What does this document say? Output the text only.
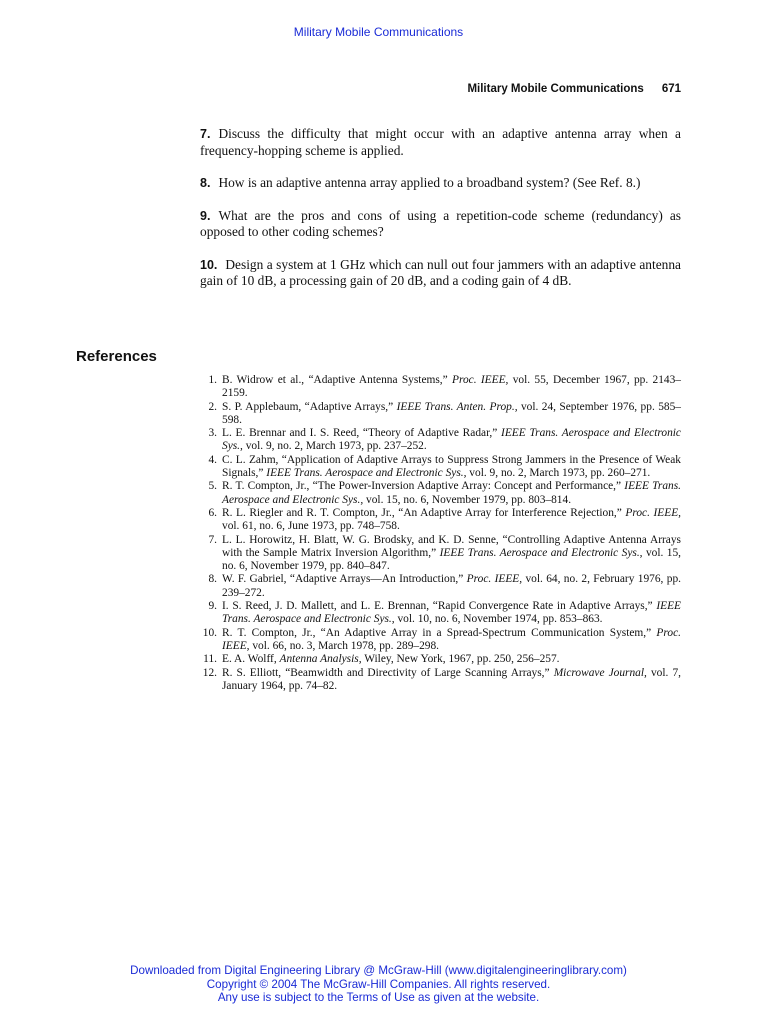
Military Mobile Communications
Military Mobile Communications 671

7. Discuss the difficulty that might occur with an adaptive antenna array when a frequency-hopping scheme is applied.

8. How is an adaptive antenna array applied to a broadband system? (See Ref. 8.)

9. What are the pros and cons of using a repetition-code scheme (redundancy) as opposed to other coding schemes?

10. Design a system at 1 GHz which can null out four jammers with an adaptive antenna gain of 10 dB, a processing gain of 20 dB, and a coding gain of 4 dB.

References
1. B. Widrow et al., “Adaptive Antenna Systems,” Proc. IEEE, vol. 55, December 1967, pp. 2143–2159.
2. S. P. Applebaum, “Adaptive Arrays,” IEEE Trans. Anten. Prop., vol. 24, September 1976, pp. 585–598.
3. L. E. Brennar and I. S. Reed, “Theory of Adaptive Radar,” IEEE Trans. Aerospace and Electronic Sys., vol. 9, no. 2, March 1973, pp. 237–252.
4. C. L. Zahm, “Application of Adaptive Arrays to Suppress Strong Jammers in the Presence of Weak Signals,” IEEE Trans. Aerospace and Electronic Sys., vol. 9, no. 2, March 1973, pp. 260–271.
5. R. T. Compton, Jr., “The Power-Inversion Adaptive Array: Concept and Performance,” IEEE Trans. Aerospace and Electronic Sys., vol. 15, no. 6, November 1979, pp. 803–814.
6. R. L. Riegler and R. T. Compton, Jr., “An Adaptive Array for Interference Rejection,” Proc. IEEE, vol. 61, no. 6, June 1973, pp. 748–758.
7. L. L. Horowitz, H. Blatt, W. G. Brodsky, and K. D. Senne, “Controlling Adaptive Antenna Arrays with the Sample Matrix Inversion Algorithm,” IEEE Trans. Aerospace and Electronic Sys., vol. 15, no. 6, November 1979, pp. 840–847.
8. W. F. Gabriel, “Adaptive Arrays—An Introduction,” Proc. IEEE, vol. 64, no. 2, February 1976, pp. 239–272.
9. I. S. Reed, J. D. Mallett, and L. E. Brennan, “Rapid Convergence Rate in Adaptive Arrays,” IEEE Trans. Aerospace and Electronic Sys., vol. 10, no. 6, November 1974, pp. 853–863.
10. R. T. Compton, Jr., “An Adaptive Array in a Spread-Spectrum Communication System,” Proc. IEEE, vol. 66, no. 3, March 1978, pp. 289–298.
11. E. A. Wolff, Antenna Analysis, Wiley, New York, 1967, pp. 250, 256–257.
12. R. S. Elliott, “Beamwidth and Directivity of Large Scanning Arrays,” Microwave Journal, vol. 7, January 1964, pp. 74–82.
Downloaded from Digital Engineering Library @ McGraw-Hill (www.digitalengineeringlibrary.com)
Copyright © 2004 The McGraw-Hill Companies. All rights reserved.
Any use is subject to the Terms of Use as given at the website.
